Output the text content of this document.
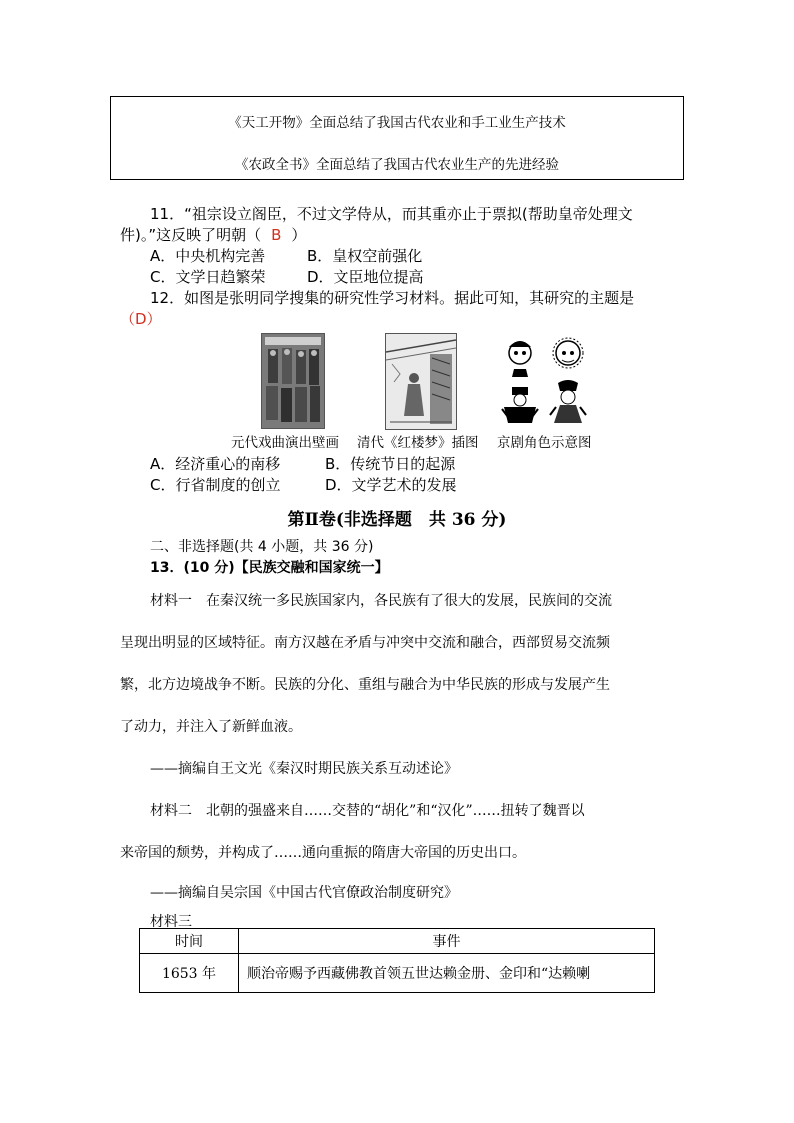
《天工开物》全面总结了我国古代农业和手工业生产技术
《农政全书》全面总结了我国古代农业生产的先进经验
11．“祖宗设立阁臣，不过文学侍从，而其重亦止于票拟(帮助皇帝处理文
件)。”这反映了明朝（ B ）
A．中央机构完善	B．皇权空前强化
C．文学日趋繁荣	D．文臣地位提高
12．如图是张明同学搜集的研究性学习材料。据此可知，其研究的主题是
（D）
元代戏曲演出壁画 清代《红楼梦》插图 京剧角色示意图
A．经济重心的南移	B．传统节日的起源
C．行省制度的创立	D．文学艺术的发展
第Ⅱ卷(非选择题　共 36 分)
二、非选择题(共 4 小题，共 36 分)
13．(10 分)【民族交融和国家统一】
材料一　在秦汉统一多民族国家内，各民族有了很大的发展，民族间的交流
呈现出明显的区域特征。南方汉越在矛盾与冲突中交流和融合，西部贸易交流频
繁，北方边境战争不断。民族的分化、重组与融合为中华民族的形成与发展产生
了动力，并注入了新鲜血液。
——摘编自王文光《秦汉时期民族关系互动述论》
材料二　北朝的强盛来自……交替的“胡化”和“汉化”……扭转了魏晋以
来帝国的颓势，并构成了……通向重振的隋唐大帝国的历史出口。
——摘编自吴宗国《中国古代官僚政治制度研究》
材料三
时间	事件
1653 年	顺治帝赐予西藏佛教首领五世达赖金册、金印和“达赖喇
